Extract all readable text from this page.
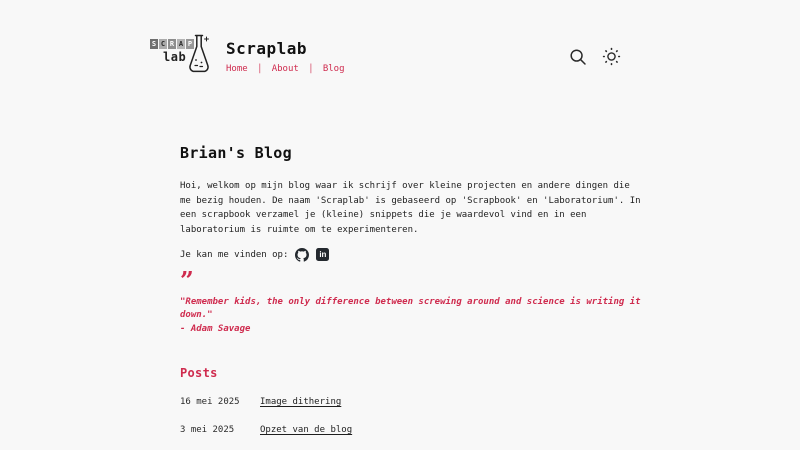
S C R A P
lab Scraplab
Home | About | Blog
Brian's Blog

Hoi, welkom op mijn blog waar ik schrijf over kleine projecten en andere dingen die me bezig houden. De naam 'Scraplab' is gebaseerd op 'Scrapbook' en 'Laboratorium'. In een scrapbook verzamel je (kleine) snippets die je waardevol vind en in een laboratorium is ruimte om te experimenteren.

Je kan me vinden op:	in
”
"Remember kids, the only difference between screwing around and science is writing it down."
- Adam Savage
Posts
16 mei 2025	Image dithering
3 mei 2025	Opzet van de blog
